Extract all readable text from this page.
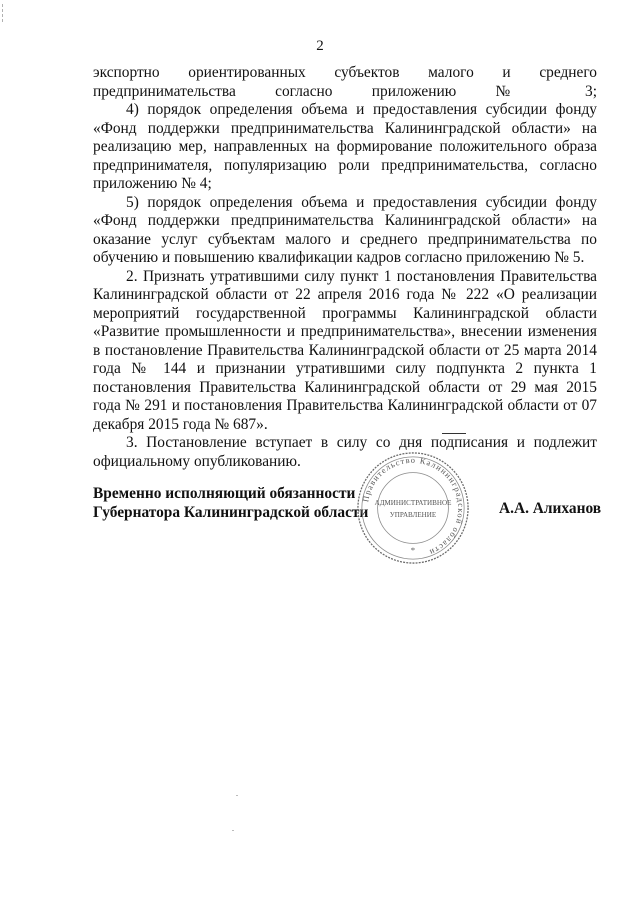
2

экспортно ориентированных субъектов малого и среднего предпринимательства согласно приложению № 3;

4) порядок определения объема и предоставления субсидии фонду «Фонд поддержки предпринимательства Калининградской области» на реализацию мер, направленных на формирование положительного образа предпринимателя, популяризацию роли предпринимательства, согласно приложению № 4;

5) порядок определения объема и предоставления субсидии фонду «Фонд поддержки предпринимательства Калининградской области» на оказание услуг субъектам малого и среднего предпринимательства по обучению и повышению квалификации кадров согласно приложению № 5.

2. Признать утратившими силу пункт 1 постановления Правительства Калининградской области от 22 апреля 2016 года № 222 «О реализации мероприятий государственной программы Калининградской области «Развитие промышленности и предпринимательства», внесении изменения в постановление Правительства Калининградской области от 25 марта 2014 года № 144 и признании утратившими силу подпункта 2 пункта 1 постановления Правительства Калининградской области от 29 мая 2015 года № 291 и постановления Правительства Калининградской области от 07 декабря 2015 года № 687».

3. Постановление вступает в силу со дня подписания и подлежит официальному опубликованию.

Временно исполняющий обязанности
Губернатора Калининградской области	А.А. Алиханов
Правительство Калининградской области
АДМИНИСТРАТИВНОЕ
УПРАВЛЕНИЕ
*
